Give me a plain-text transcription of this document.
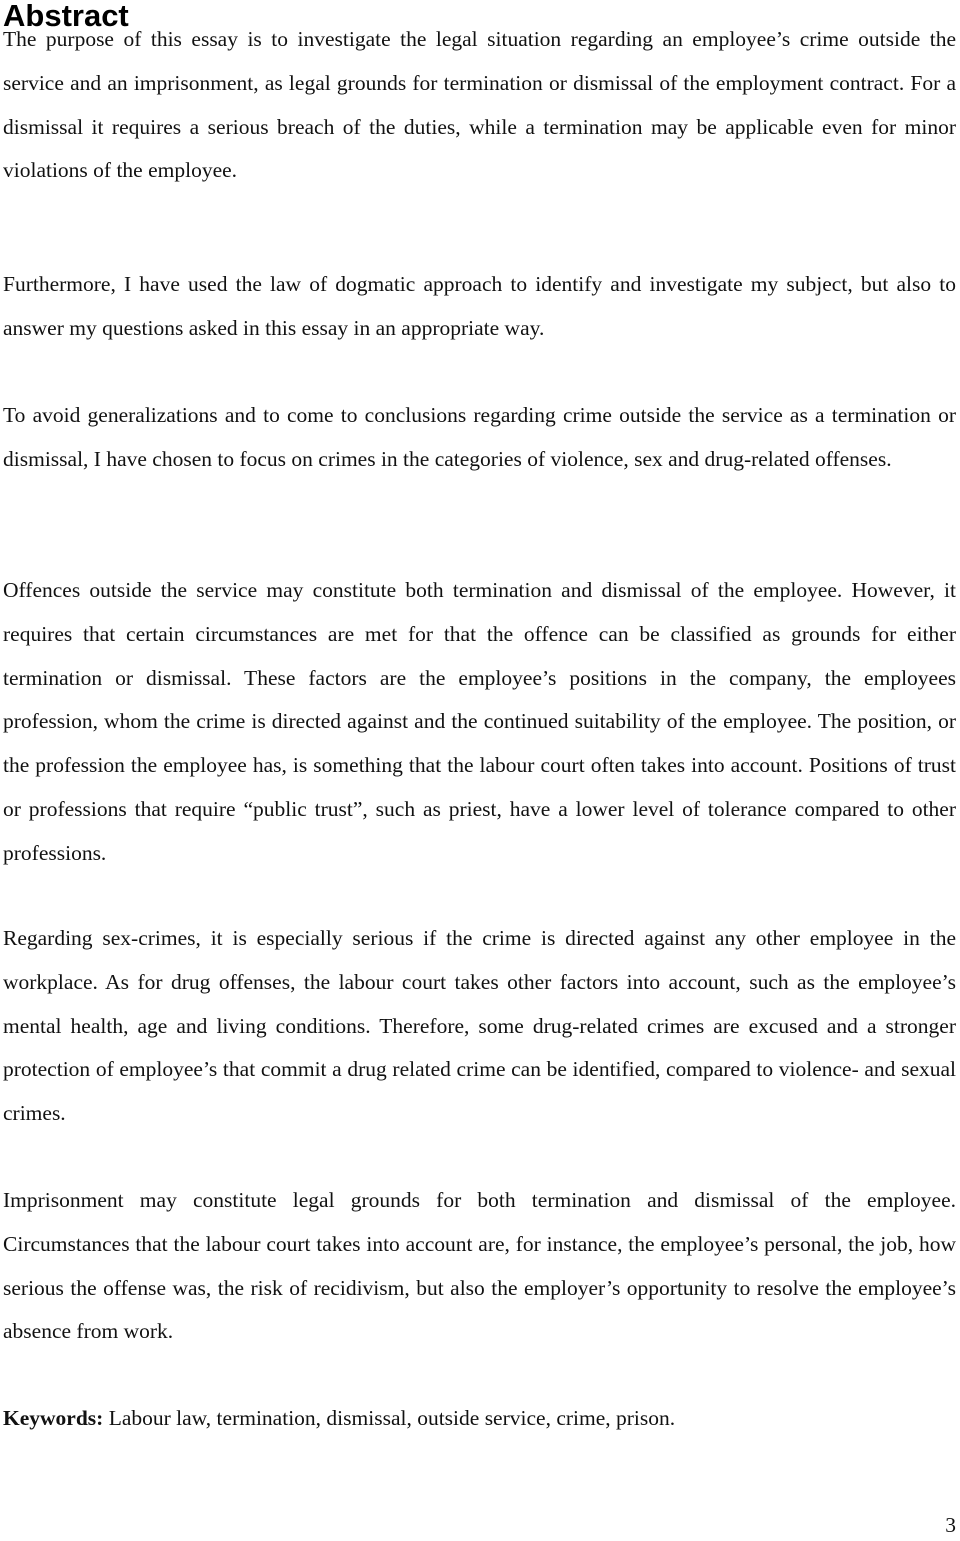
Abstract

The purpose of this essay is to investigate the legal situation regarding an employee’s crime outside the service and an imprisonment, as legal grounds for termination or dismissal of the employment contract. For a dismissal it requires a serious breach of the duties, while a termination may be applicable even for minor violations of the employee.

Furthermore, I have used the law of dogmatic approach to identify and investigate my subject, but also to answer my questions asked in this essay in an appropriate way.

To avoid generalizations and to come to conclusions regarding crime outside the service as a termination or dismissal, I have chosen to focus on crimes in the categories of violence, sex and drug-related offenses.

Offences outside the service may constitute both termination and dismissal of the employee. However, it requires that certain circumstances are met for that the offence can be classified as grounds for either termination or dismissal. These factors are the employee’s positions in the company, the employees profession, whom the crime is directed against and the continued suitability of the employee. The position, or the profession the employee has, is something that the labour court often takes into account. Positions of trust or professions that require “public trust”, such as priest, have a lower level of tolerance compared to other professions.

Regarding sex-crimes, it is especially serious if the crime is directed against any other employee in the workplace. As for drug offenses, the labour court takes other factors into account, such as the employee’s mental health, age and living conditions. Therefore, some drug-related crimes are excused and a stronger protection of employee’s that commit a drug related crime can be identified, compared to violence- and sexual crimes.

Imprisonment may constitute legal grounds for both termination and dismissal of the employee. Circumstances that the labour court takes into account are, for instance, the employee’s personal, the job, how serious the offense was, the risk of recidivism, but also the employer’s opportunity to resolve the employee’s absence from work.

Keywords: Labour law, termination, dismissal, outside service, crime, prison.

3
